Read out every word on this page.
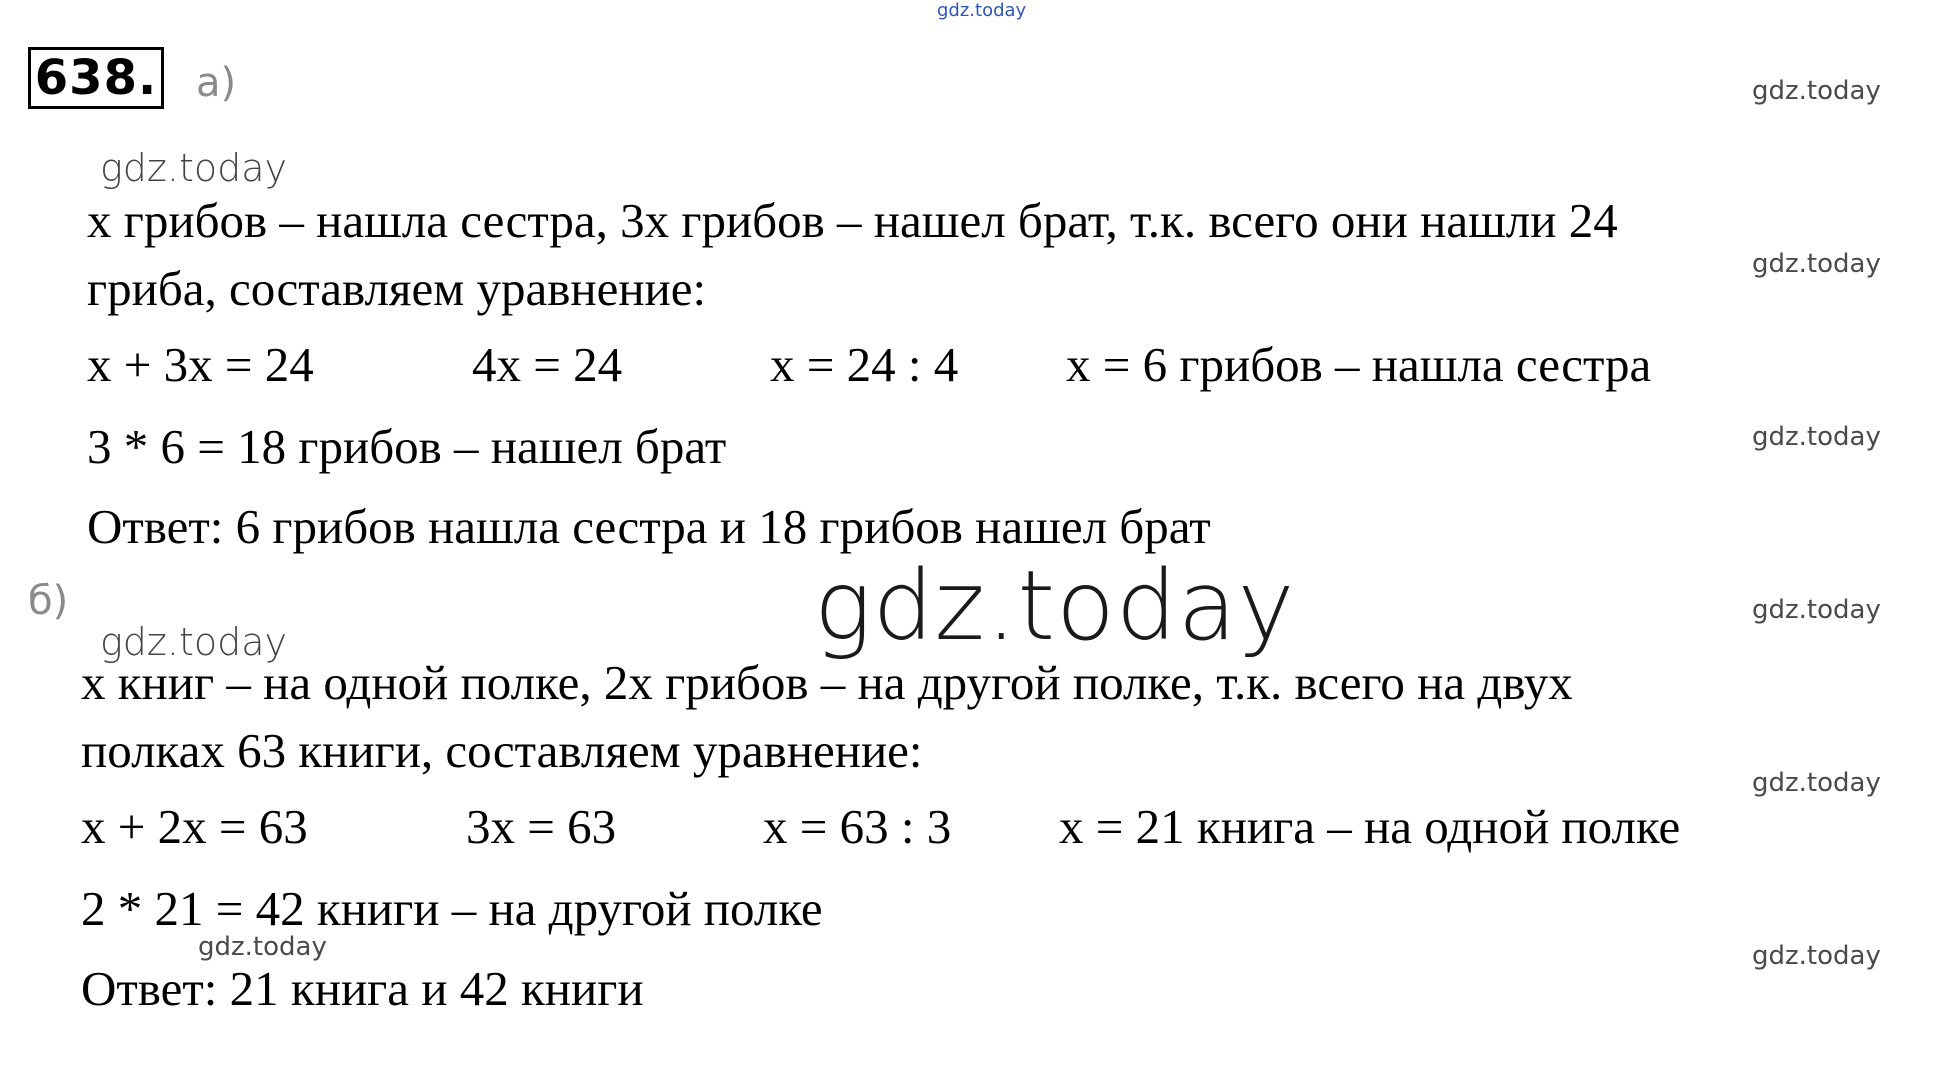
gdz.today
638. а)	gdz.today
gdz.today
gdz.today
gdz.today
gdz.today
gdz.today
gdz.today
gdz.today
х грибов – нашла сестра, 3х грибов – нашел брат, т.к. всего они нашли 24
гриба, составляем уравнение:
х + 3х = 24	4х = 24	х = 24 : 4 х = 6 грибов – нашла сестра
3 * 6 = 18 грибов – нашел брат
Ответ: 6 грибов нашла сестра и 18 грибов нашел брат
б)	gdz.today
х книг – на одной полке, 2х грибов – на другой полке, т.к. всего на двух
полках 63 книги, составляем уравнение:
х + 2х = 63	3х = 63	х = 63 : 3 х = 21 книга – на одной полке
2 * 21 = 42 книги – на другой полке
gdz.today
Ответ: 21 книга и 42 книги
